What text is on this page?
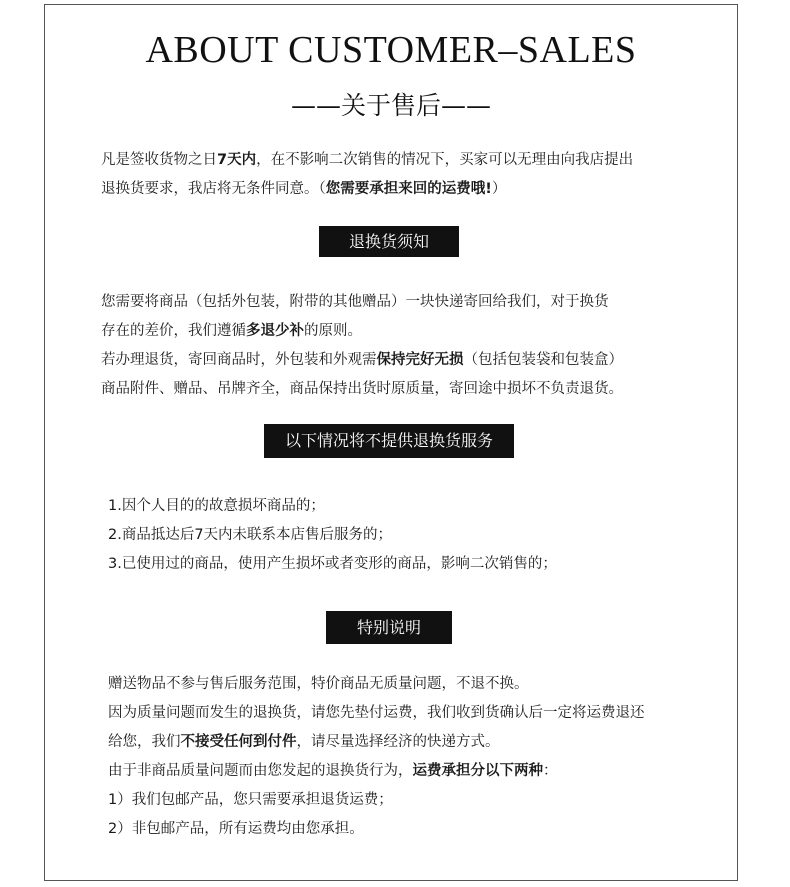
ABOUT CUSTOMER–SALES
——关于售后——
凡是签收货物之日7天内，在不影响二次销售的情况下，买家可以无理由向我店提出
退换货要求，我店将无条件同意。（您需要承担来回的运费哦!）
退换货须知
您需要将商品（包括外包装，附带的其他赠品）一块快递寄回给我们，对于换货
存在的差价，我们遵循多退少补的原则。
若办理退货，寄回商品时，外包装和外观需保持完好无损（包括包装袋和包装盒）
商品附件、赠品、吊牌齐全，商品保持出货时原质量，寄回途中损坏不负责退货。
以下情况将不提供退换货服务
1.因个人目的的故意损坏商品的；
2.商品抵达后7天内未联系本店售后服务的；
3.已使用过的商品，使用产生损坏或者变形的商品，影响二次销售的；
特别说明
赠送物品不参与售后服务范围，特价商品无质量问题，不退不换。
因为质量问题而发生的退换货，请您先垫付运费，我们收到货确认后一定将运费退还
给您，我们不接受任何到付件，请尽量选择经济的快递方式。
由于非商品质量问题而由您发起的退换货行为，运费承担分以下两种：
1）我们包邮产品，您只需要承担退货运费；
2）非包邮产品，所有运费均由您承担。
